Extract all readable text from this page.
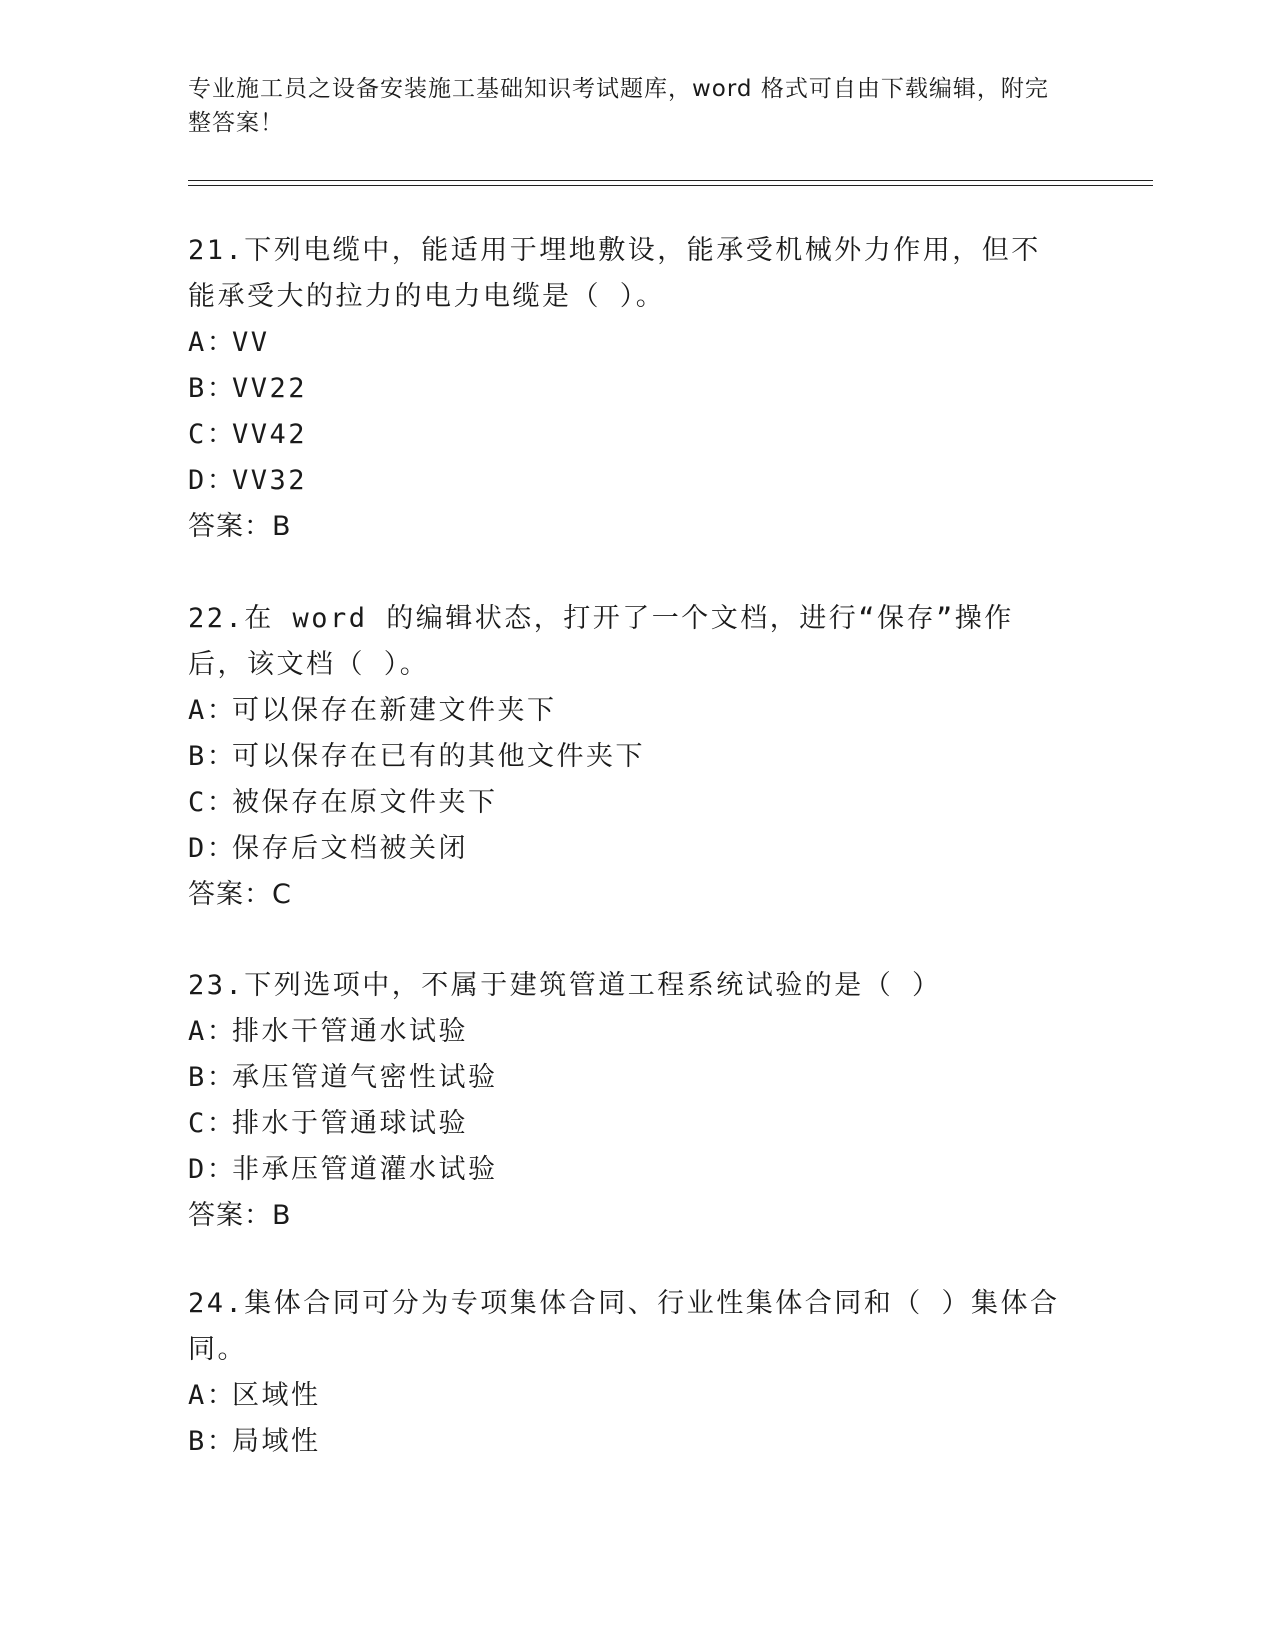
专业施工员之设备安装施工基础知识考试题库，word 格式可自由下载编辑，附完整答案！
21.下列电缆中，能适用于埋地敷设，能承受机械外力作用，但不能承受大的拉力的电力电缆是（ ）。
A：VV
B：VV22
C：VV42
D：VV32
答案：B
22.在 word 的编辑状态，打开了一个文档，进行“保存”操作后，该文档（ ）。
A：可以保存在新建文件夹下
B：可以保存在已有的其他文件夹下
C：被保存在原文件夹下
D：保存后文档被关闭
答案：C
23.下列选项中，不属于建筑管道工程系统试验的是（ ）
A：排水干管通水试验
B：承压管道气密性试验
C：排水于管通球试验
D：非承压管道灌水试验
答案：B
24.集体合同可分为专项集体合同、行业性集体合同和（ ）集体合同。
A：区域性
B：局域性
